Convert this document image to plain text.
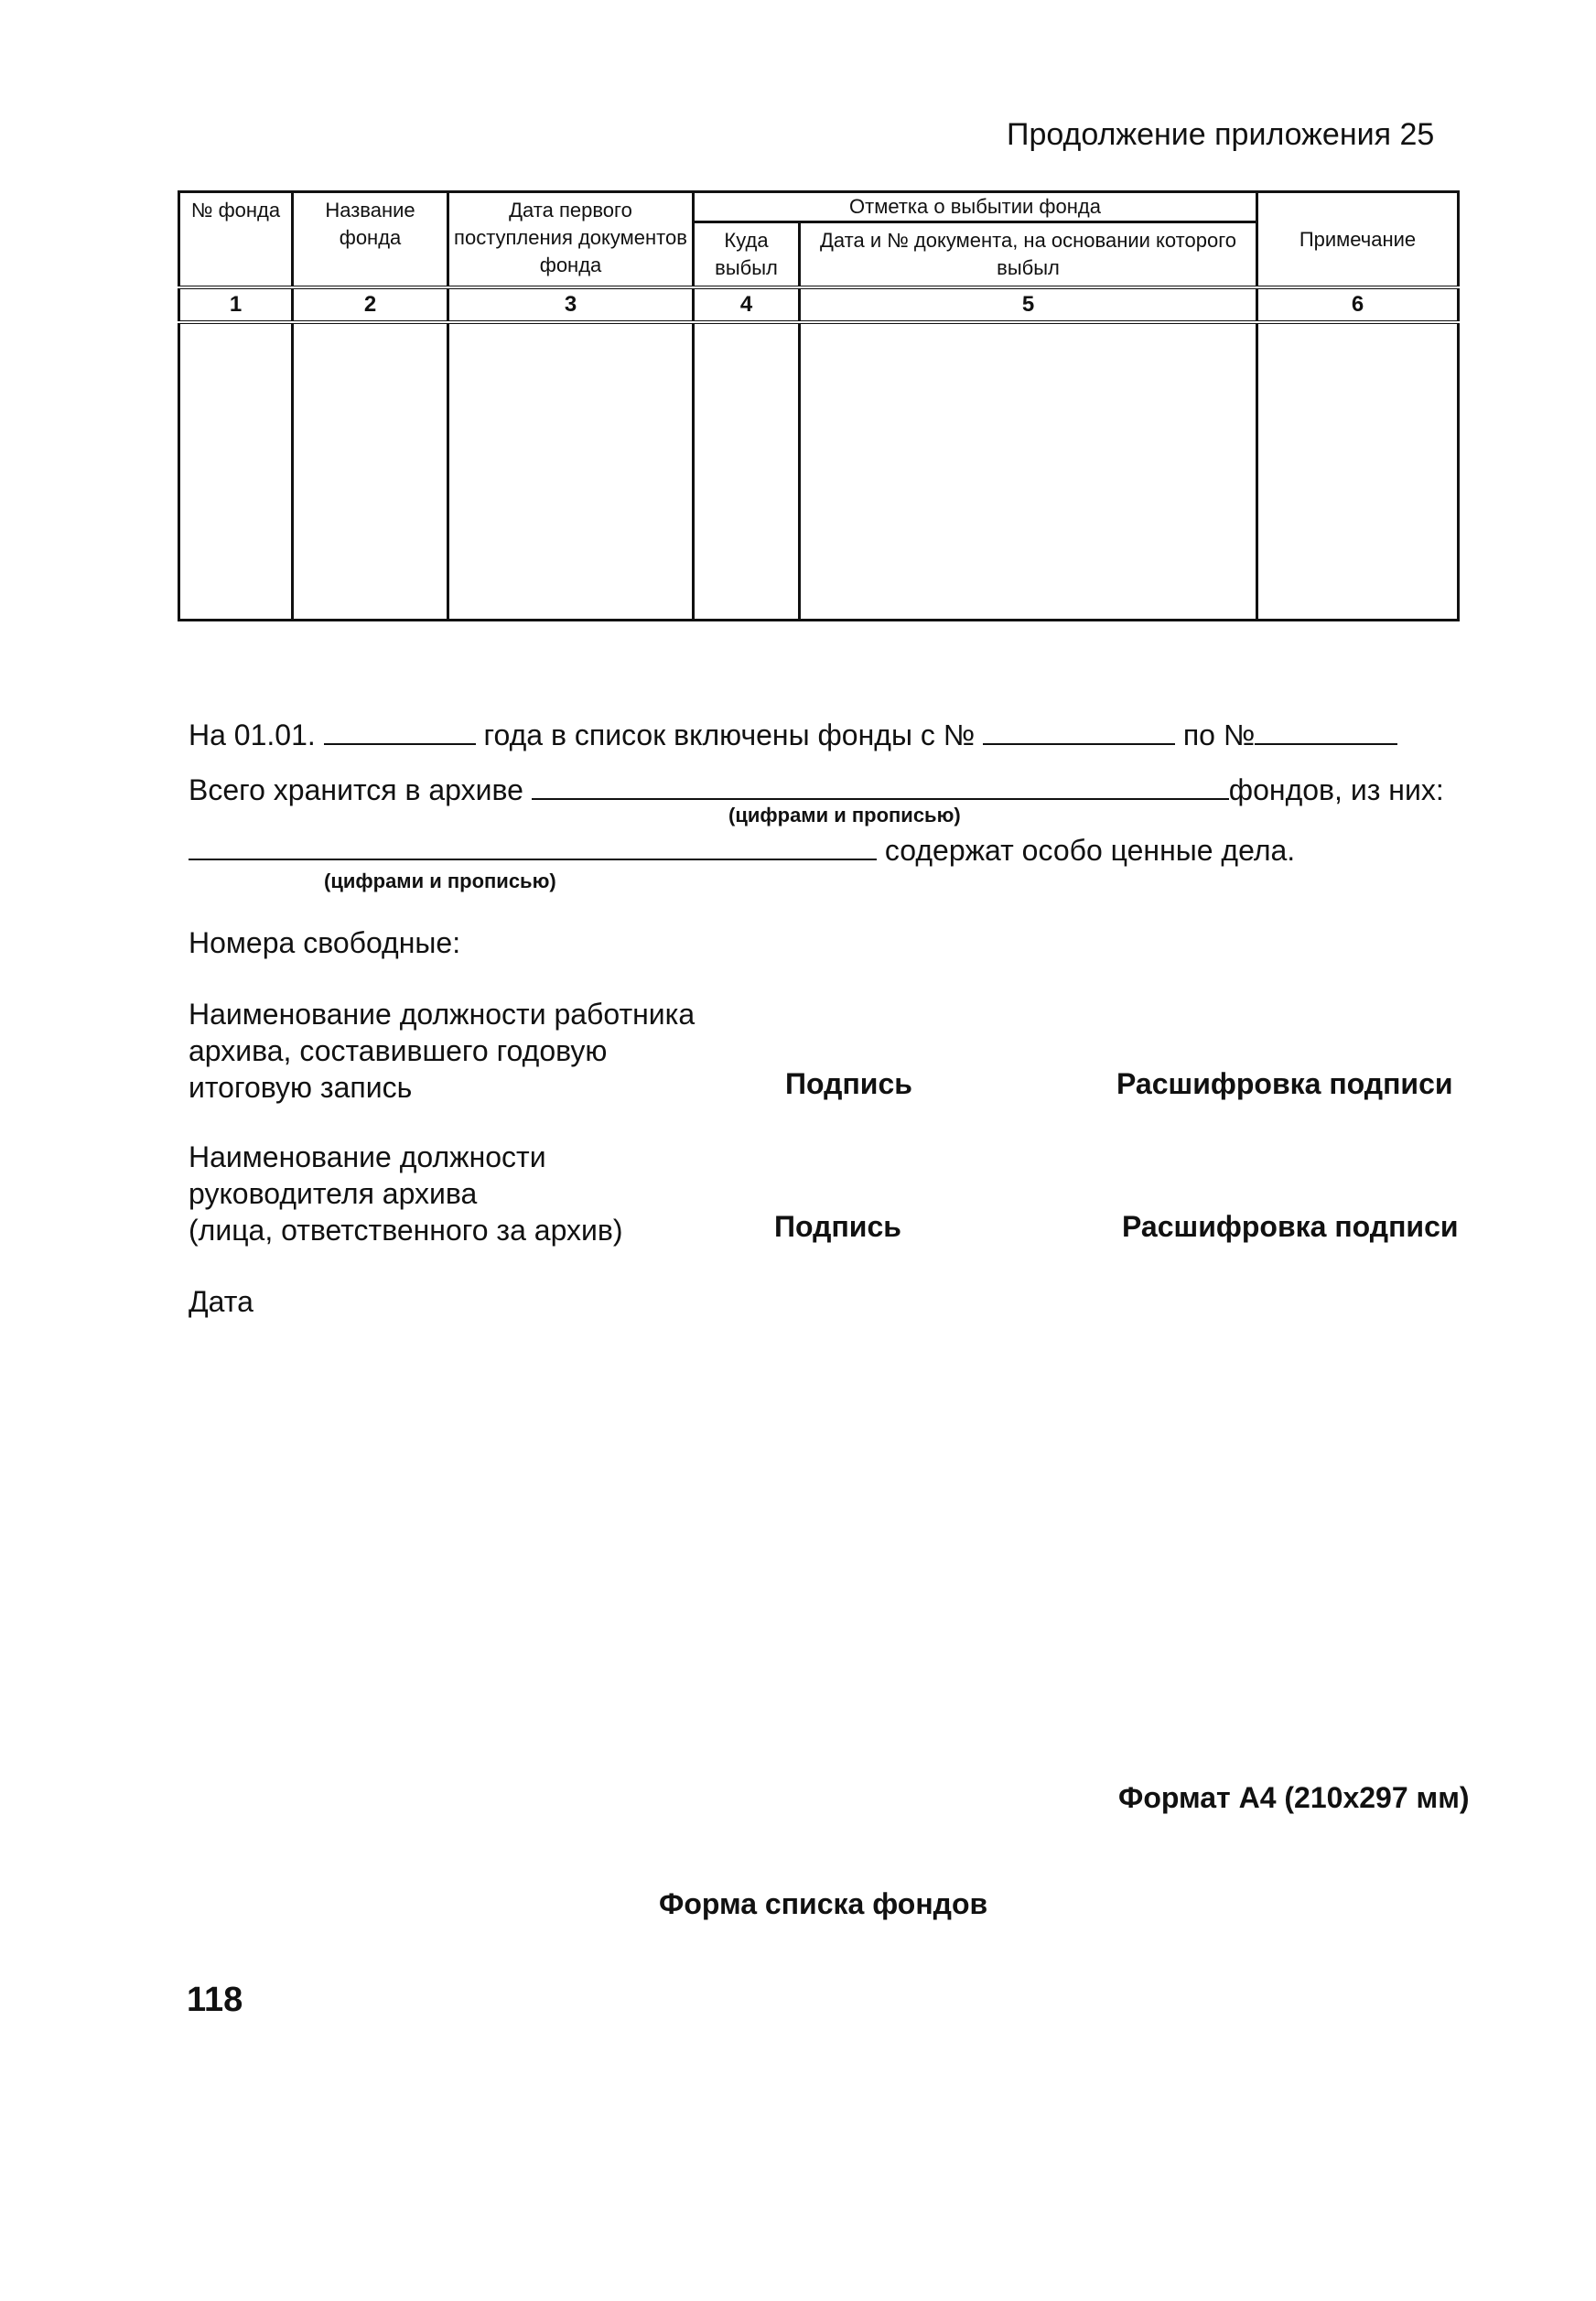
Продолжение приложения 25
№ фонда	Название фонда	Дата первого поступления документов фонда	Отметка о выбытии фонда		Примечание
			Куда выбыл	Дата и № документа, на основании которого выбыл	
1	2	3	4	5	6

На 01.01.	года в список включены фонды с №	по №
Всего хранится в архиве	фондов, из них:
(цифрами и прописью)
содержат особо ценные дела.
(цифрами и прописью)
Номера свободные:
Наименование должности работника
архива, составившего годовую
итоговую запись	Подпись	Расшифровка подписи
Наименование должности
руководителя архива
(лица, ответственного за архив)	Подпись	Расшифровка подписи
Дата
Формат А4 (210x297 мм)
Форма списка фондов
118
